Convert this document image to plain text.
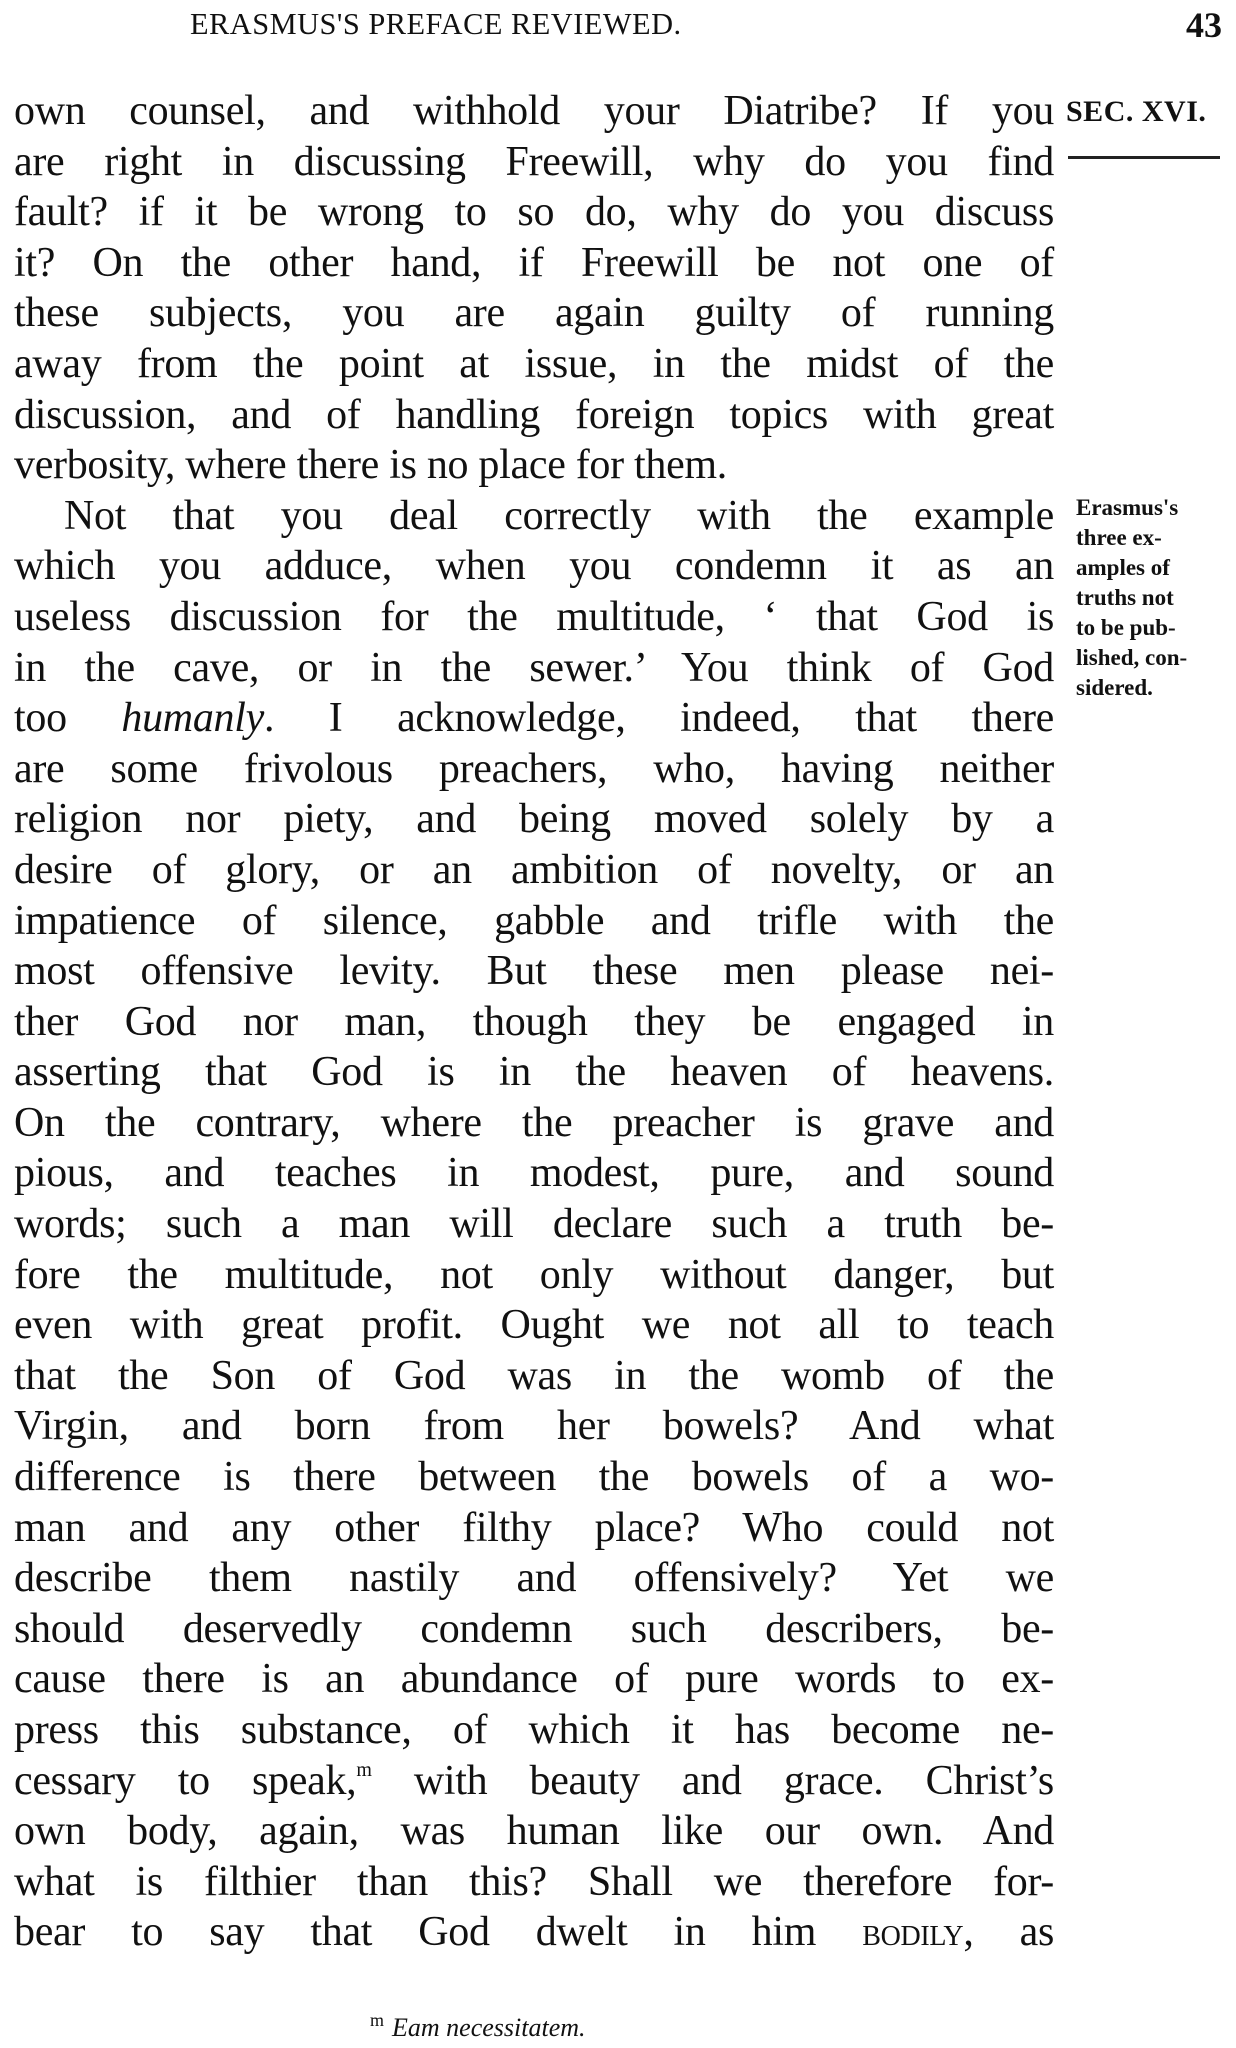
ERASMUS'S PREFACE REVIEWED.	43
own counsel, and withhold your Diatribe? If you
are right in discussing Freewill, why do you find
fault? if it be wrong to so do, why do you discuss
it? On the other hand, if Freewill be not one of
these subjects, you are again guilty of running
away from the point at issue, in the midst of the
discussion, and of handling foreign topics with great
verbosity, where there is no place for them.
Not that you deal correctly with the example
which you adduce, when you condemn it as an
useless discussion for the multitude, ‘ that God is
in the cave, or in the sewer.’ You think of God
too humanly. I acknowledge, indeed, that there
are some frivolous preachers, who, having neither
religion nor piety, and being moved solely by a
desire of glory, or an ambition of novelty, or an
impatience of silence, gabble and trifle with the
most offensive levity. But these men please nei-
ther God nor man, though they be engaged in
asserting that God is in the heaven of heavens.
On the contrary, where the preacher is grave and
pious, and teaches in modest, pure, and sound
words; such a man will declare such a truth be-
fore the multitude, not only without danger, but
even with great profit. Ought we not all to teach
that the Son of God was in the womb of the
Virgin, and born from her bowels? And what
difference is there between the bowels of a wo-
man and any other filthy place? Who could not
describe them nastily and offensively? Yet we
should deservedly condemn such describers, be-
cause there is an abundance of pure words to ex-
press this substance, of which it has become ne-
cessary to speak,$^m$ with beauty and grace. Christ’s
own body, again, was human like our own. And
what is filthier than this? Shall we therefore for-
bear to say that God dwelt in him bodily, as
SEC. XVI.
Erasmus's
three ex-
amples of
truths not
to be pub-
lished, con-
sidered.
$^m$ Eam necessitatem.
